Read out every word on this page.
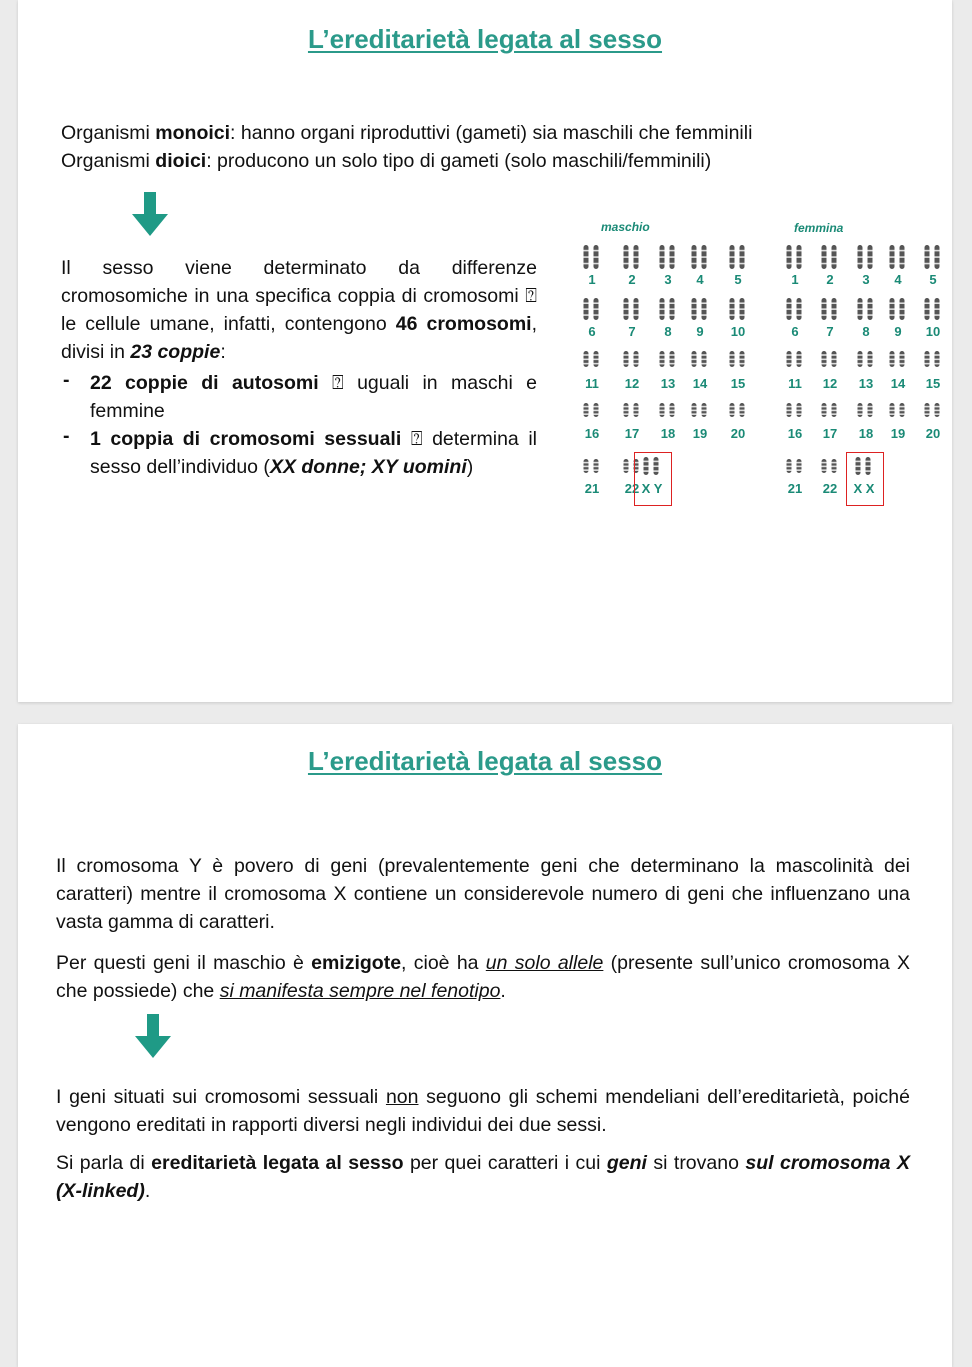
L’ereditarietà legata al sesso
Organismi monoici: hanno organi riproduttivi (gameti) sia maschili che femminili
Organismi dioici: producono un solo tipo di gameti (solo maschili/femminili)
Il sesso viene determinato da differenze cromosomiche in una specifica coppia di cromosomi ⍰ le cellule umane, infatti, contengono 46 cromosomi, divisi in 23 coppie:
- 22 coppie di autosomi ⍰ uguali in maschi e femmine
- 1 coppia di cromosomi sessuali ⍰ determina il sesso dell’individuo (XX donne; XY uomini)
maschio	femmina
1	1
2	2
3	3
4	4
5	5
6	6
7	7
8	8
9	9
10	10
11	11
12	12
13	13
14	14
15	15
16	16
17	17
18	18
19	19
20	20
21	21
22	22
X Y	X X
L’ereditarietà legata al sesso
Il cromosoma Y è povero di geni (prevalentemente geni che determinano la mascolinità dei caratteri) mentre il cromosoma X contiene un considerevole numero di geni che influenzano una vasta gamma di caratteri.
Per questi geni il maschio è emizigote, cioè ha un solo allele (presente sull’unico cromosoma X che possiede) che si manifesta sempre nel fenotipo.
I geni situati sui cromosomi sessuali non seguono gli schemi mendeliani dell’ereditarietà, poiché vengono ereditati in rapporti diversi negli individui dei due sessi.
Si parla di ereditarietà legata al sesso per quei caratteri i cui geni si trovano sul cromosoma X (X-linked).
